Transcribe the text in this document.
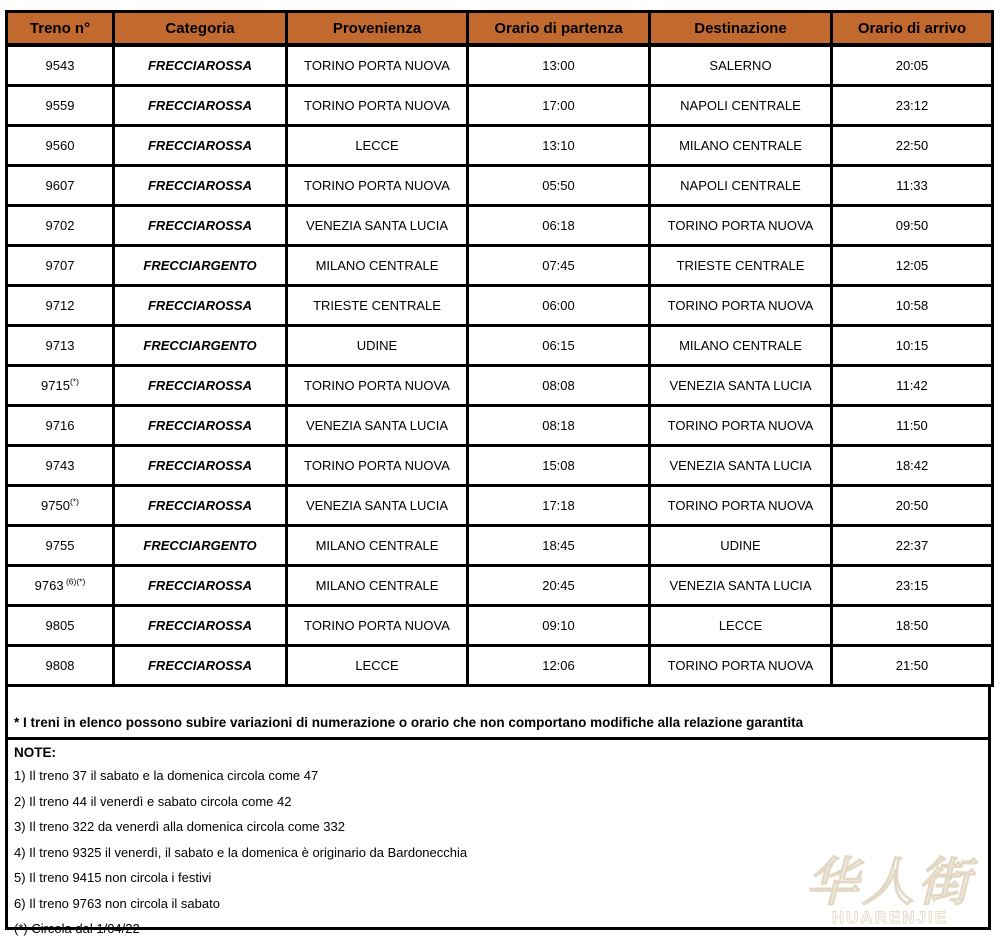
Treno n°	Categoria	Provenienza	Orario di partenza	Destinazione	Orario di arrivo
9543	FRECCIAROSSA	TORINO PORTA NUOVA	13:00	SALERNO	20:05
9559	FRECCIAROSSA	TORINO PORTA NUOVA	17:00	NAPOLI CENTRALE	23:12
9560	FRECCIAROSSA	LECCE	13:10	MILANO CENTRALE	22:50
9607	FRECCIAROSSA	TORINO PORTA NUOVA	05:50	NAPOLI CENTRALE	11:33
9702	FRECCIAROSSA	VENEZIA SANTA LUCIA	06:18	TORINO PORTA NUOVA	09:50
9707	FRECCIARGENTO	MILANO CENTRALE	07:45	TRIESTE CENTRALE	12:05
9712	FRECCIAROSSA	TRIESTE CENTRALE	06:00	TORINO PORTA NUOVA	10:58
9713	FRECCIARGENTO	UDINE	06:15	MILANO CENTRALE	10:15
9715(*)	FRECCIAROSSA	TORINO PORTA NUOVA	08:08	VENEZIA SANTA LUCIA	11:42
9716	FRECCIAROSSA	VENEZIA SANTA LUCIA	08:18	TORINO PORTA NUOVA	11:50
9743	FRECCIAROSSA	TORINO PORTA NUOVA	15:08	VENEZIA SANTA LUCIA	18:42
9750(*)	FRECCIAROSSA	VENEZIA SANTA LUCIA	17:18	TORINO PORTA NUOVA	20:50
9755	FRECCIARGENTO	MILANO CENTRALE	18:45	UDINE	22:37
9763 $^{(6)(*)}$	FRECCIAROSSA	MILANO CENTRALE	20:45	VENEZIA SANTA LUCIA	23:15
9805	FRECCIAROSSA	TORINO PORTA NUOVA	09:10	LECCE	18:50
9808	FRECCIAROSSA	LECCE	12:06	TORINO PORTA NUOVA	21:50

* I treni in elenco possono subire variazioni di numerazione o orario che non comportano modifiche alla relazione garantita

NOTE:

1) Il treno 37 il sabato e la domenica circola come 47

2) Il treno 44 il venerdì e sabato circola come 42

3) Il treno 322 da venerdì alla domenica circola come 332

4) Il treno 9325 il venerdì, il sabato e la domenica è originario da Bardonecchia

5) Il treno 9415 non circola i festivi

6) Il treno 9763 non circola il sabato

(*) Circola dal 1/04/22

华人街
HUARENJIE
